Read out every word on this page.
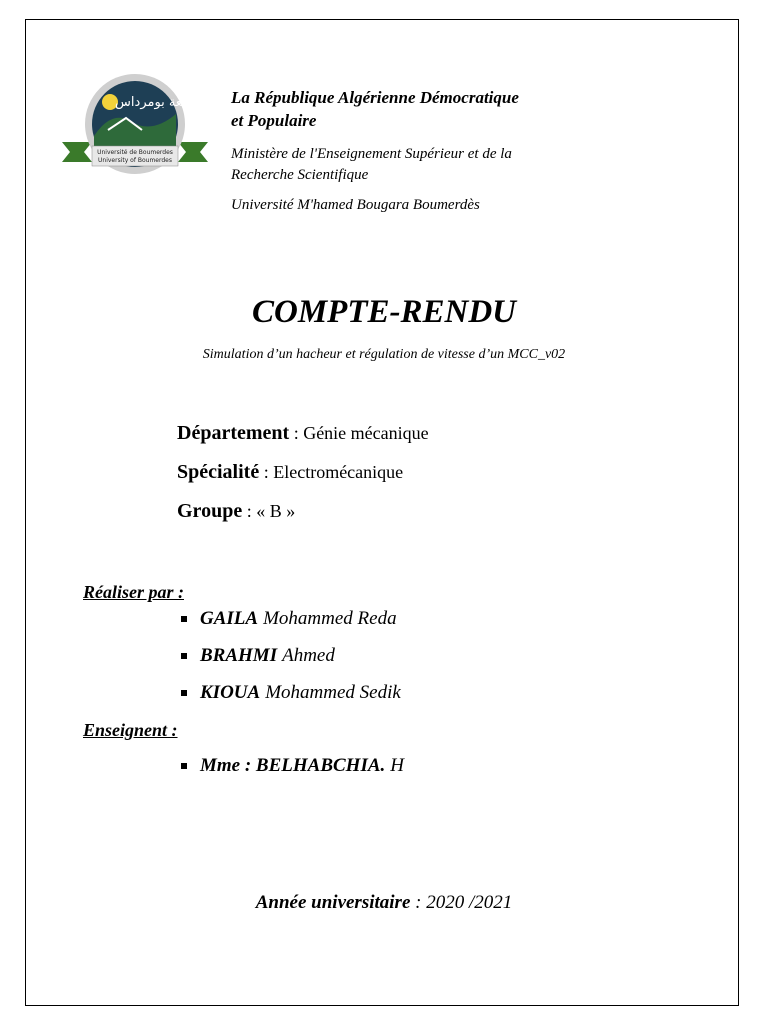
جـامعة بومرداس
Université de Boumerdes
University of Boumerdes
La République Algérienne Démocratique
et Populaire
Ministère de l'Enseignement Supérieur et de la
Recherche Scientifique
Université M'hamed Bougara Boumerdès
COMPTE-RENDU
Simulation d’un hacheur et régulation de vitesse d’un MCC_v02
Département : Génie mécanique
Spécialité : Electromécanique
Groupe : « B »
Réaliser par :
GAILA Mohammed Reda
BRAHMI Ahmed
KIOUA Mohammed Sedik
Enseignent :
Mme : BELHABCHIA. H
Année universitaire : 2020 /2021
